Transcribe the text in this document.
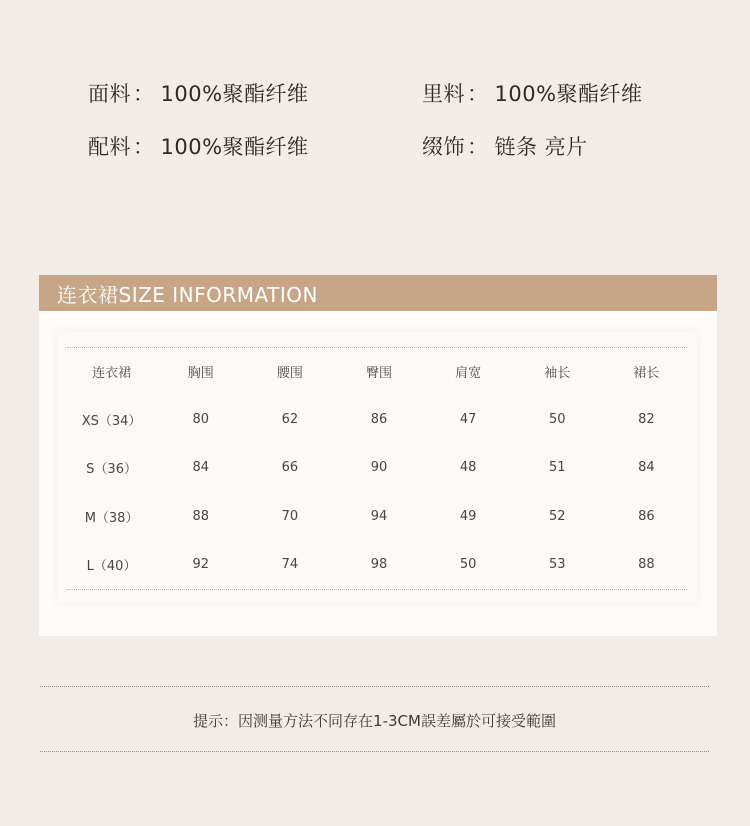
面料： 100%聚酯纤维	里料： 100%聚酯纤维
配料： 100%聚酯纤维	缀饰： 链条 亮片
连衣裙SIZE INFORMATION
连衣裙	胸围	腰围	臀围	肩宽	袖长	裙长
XS（34）	80	62	86	47	50	82
S（36）	84	66	90	48	51	84
M（38）	88	70	94	49	52	86
L（40）	92	74	98	50	53	88
提示：因测量方法不同存在1-3CM誤差屬於可接受範圍
